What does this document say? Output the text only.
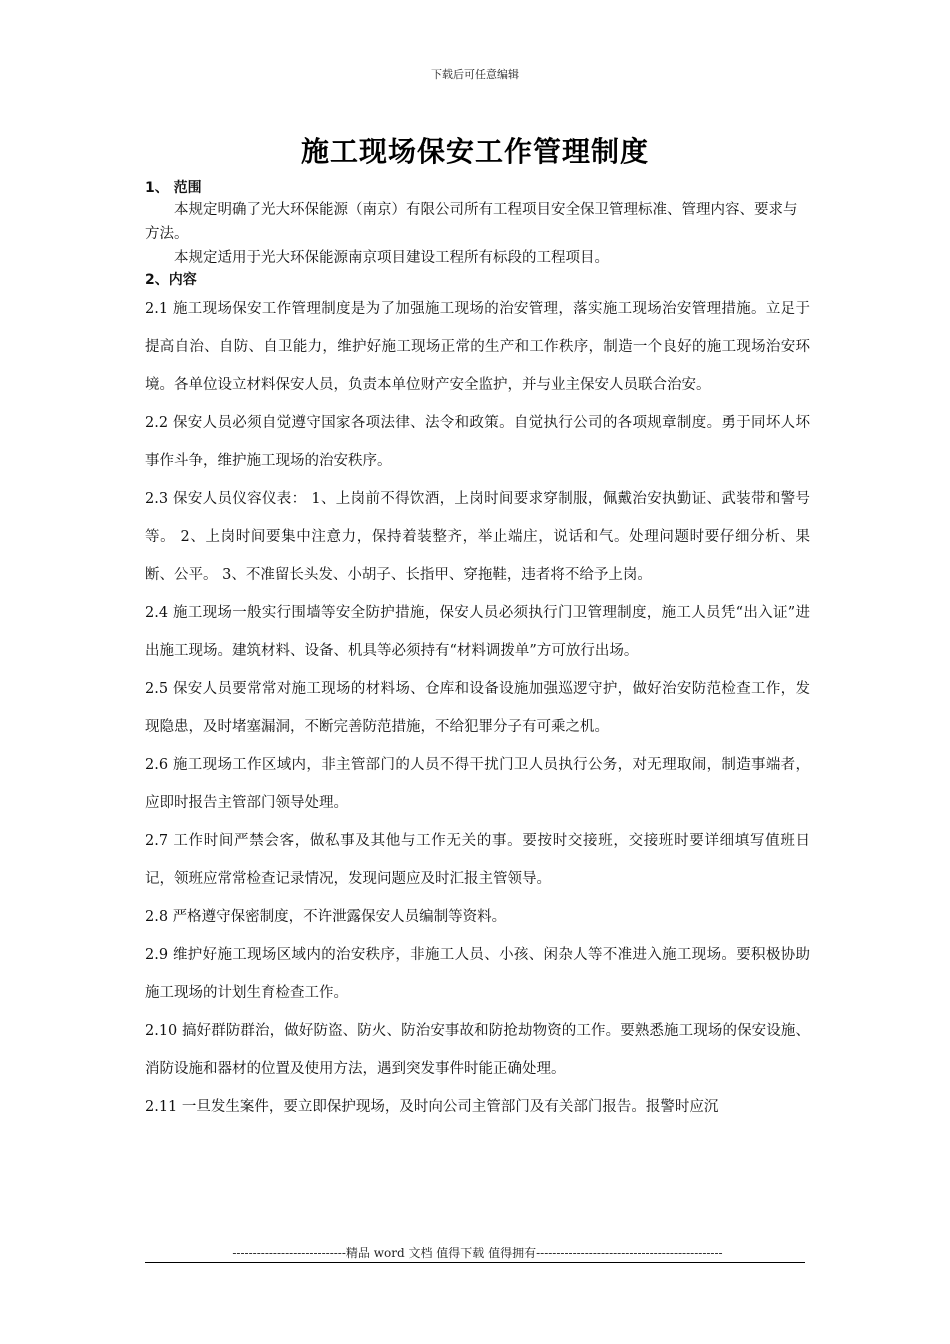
下载后可任意编辑
施工现场保安工作管理制度

1、 范围

本规定明确了光大环保能源（南京）有限公司所有工程项目安全保卫管理标准、管理内容、要求与方法。

本规定适用于光大环保能源南京项目建设工程所有标段的工程项目。

2、内容

2.1 施工现场保安工作管理制度是为了加强施工现场的治安管理，落实施工现场治安管理措施。立足于提高自治、自防、自卫能力，维护好施工现场正常的生产和工作秩序，制造一个良好的施工现场治安环境。各单位设立材料保安人员，负责本单位财产安全监护，并与业主保安人员联合治安。

2.2 保安人员必须自觉遵守国家各项法律、法令和政策。自觉执行公司的各项规章制度。勇于同坏人坏事作斗争，维护施工现场的治安秩序。

2.3 保安人员仪容仪表： 1、上岗前不得饮酒，上岗时间要求穿制服，佩戴治安执勤证、武装带和警号等。 2、上岗时间要集中注意力，保持着装整齐，举止端庄，说话和气。处理问题时要仔细分析、果断、公平。 3、不准留长头发、小胡子、长指甲、穿拖鞋，违者将不给予上岗。

2.4 施工现场一般实行围墙等安全防护措施，保安人员必须执行门卫管理制度，施工人员凭“出入证”进出施工现场。建筑材料、设备、机具等必须持有“材料调拨单”方可放行出场。

2.5 保安人员要常常对施工现场的材料场、仓库和设备设施加强巡逻守护，做好治安防范检查工作，发现隐患，及时堵塞漏洞，不断完善防范措施，不给犯罪分子有可乘之机。

2.6 施工现场工作区域内，非主管部门的人员不得干扰门卫人员执行公务，对无理取闹，制造事端者，应即时报告主管部门领导处理。

2.7 工作时间严禁会客，做私事及其他与工作无关的事。要按时交接班，交接班时要详细填写值班日记，领班应常常检查记录情况，发现问题应及时汇报主管领导。

2.8 严格遵守保密制度，不许泄露保安人员编制等资料。

2.9 维护好施工现场区域内的治安秩序，非施工人员、小孩、闲杂人等不准进入施工现场。要积极协助施工现场的计划生育检查工作。

2.10 搞好群防群治，做好防盗、防火、防治安事故和防抢劫物资的工作。要熟悉施工现场的保安设施、消防设施和器材的位置及使用方法，遇到突发事件时能正确处理。

2.11 一旦发生案件，要立即保护现场，及时向公司主管部门及有关部门报告。报警时应沉

----------------------------精品 word 文档 值得下载 值得拥有----------------------------------------------
